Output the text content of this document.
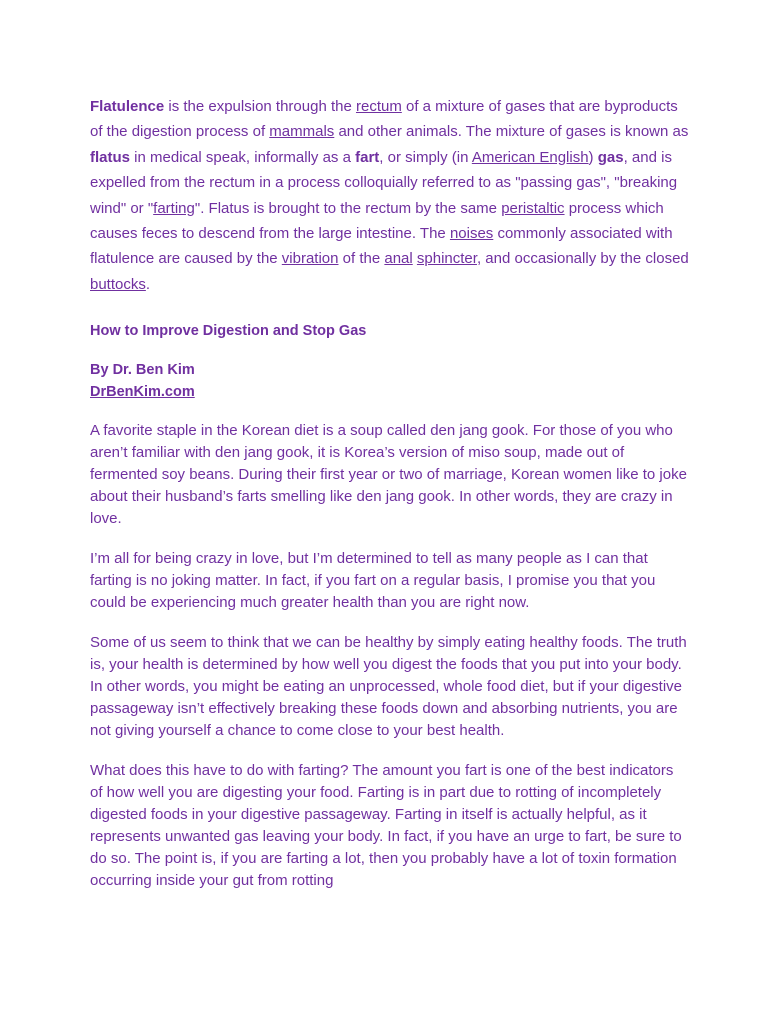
Flatulence is the expulsion through the rectum of a mixture of gases that are byproducts of the digestion process of mammals and other animals. The mixture of gases is known as flatus in medical speak, informally as a fart, or simply (in American English) gas, and is expelled from the rectum in a process colloquially referred to as "passing gas", "breaking wind" or "farting". Flatus is brought to the rectum by the same peristaltic process which causes feces to descend from the large intestine. The noises commonly associated with flatulence are caused by the vibration of the anal sphincter, and occasionally by the closed buttocks.

How to Improve Digestion and Stop Gas

By Dr. Ben Kim
DrBenKim.com

A favorite staple in the Korean diet is a soup called den jang gook. For those of you who aren’t familiar with den jang gook, it is Korea’s version of miso soup, made out of fermented soy beans. During their first year or two of marriage, Korean women like to joke about their husband’s farts smelling like den jang gook. In other words, they are crazy in love.

I’m all for being crazy in love, but I’m determined to tell as many people as I can that farting is no joking matter. In fact, if you fart on a regular basis, I promise you that you could be experiencing much greater health than you are right now.

Some of us seem to think that we can be healthy by simply eating healthy foods. The truth is, your health is determined by how well you digest the foods that you put into your body. In other words, you might be eating an unprocessed, whole food diet, but if your digestive passageway isn’t effectively breaking these foods down and absorbing nutrients, you are not giving yourself a chance to come close to your best health.

What does this have to do with farting? The amount you fart is one of the best indicators of how well you are digesting your food. Farting is in part due to rotting of incompletely digested foods in your digestive passageway. Farting in itself is actually helpful, as it represents unwanted gas leaving your body. In fact, if you have an urge to fart, be sure to do so. The point is, if you are farting a lot, then you probably have a lot of toxin formation occurring inside your gut from rotting
